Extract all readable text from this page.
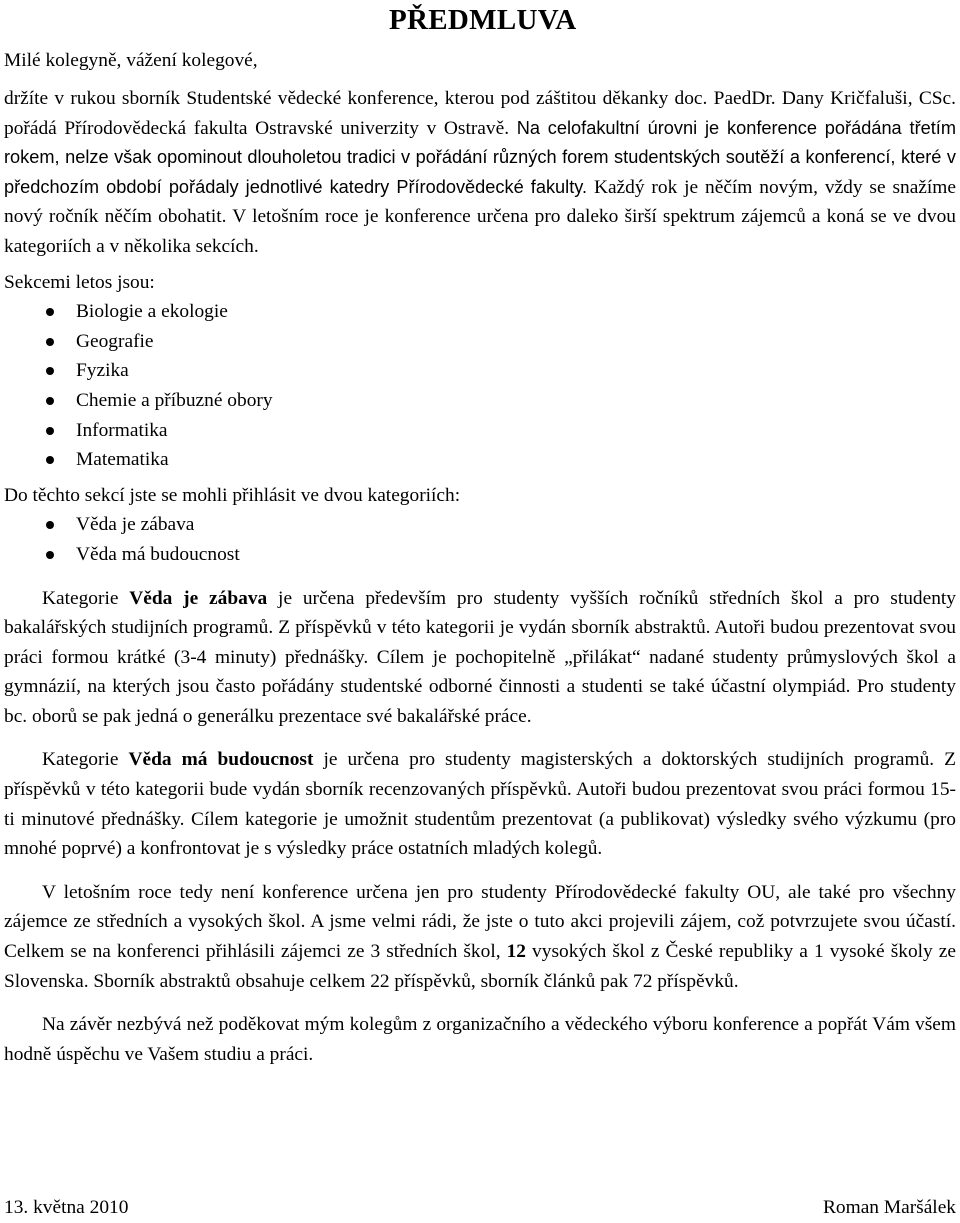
PŘEDMLUVA
Milé kolegyně, vážení kolegové,

držíte v rukou sborník Studentské vědecké konference, kterou pod záštitou děkanky doc. PaedDr. Dany Kričfaluši, CSc. pořádá Přírodovědecká fakulta Ostravské univerzity v Ostravě. Na celofakultní úrovni je konference pořádána třetím rokem, nelze však opominout dlouholetou tradici v pořádání různých forem studentských soutěží a konferencí, které v předchozím období pořádaly jednotlivé katedry Přírodovědecké fakulty. Každý rok je něčím novým, vždy se snažíme nový ročník něčím obohatit. V letošním roce je konference určena pro daleko širší spektrum zájemců a koná se ve dvou kategoriích a v několika sekcích.

Sekcemi letos jsou:
Biologie a ekologie
Geografie
Fyzika
Chemie a příbuzné obory
Informatika
Matematika
Do těchto sekcí jste se mohli přihlásit ve dvou kategoriích:
Věda je zábava
Věda má budoucnost

Kategorie Věda je zábava je určena především pro studenty vyšších ročníků středních škol a pro studenty bakalářských studijních programů. Z příspěvků v této kategorii je vydán sborník abstraktů. Autoři budou prezentovat svou práci formou krátké (3-4 minuty) přednášky. Cílem je pochopitelně „přilákat“ nadané studenty průmyslových škol a gymnázií, na kterých jsou často pořádány studentské odborné činnosti a studenti se také účastní olympiád. Pro studenty bc. oborů se pak jedná o generálku prezentace své bakalářské práce.

Kategorie Věda má budoucnost je určena pro studenty magisterských a doktorských studijních programů. Z příspěvků v této kategorii bude vydán sborník recenzovaných příspěvků. Autoři budou prezentovat svou práci formou 15- ti minutové přednášky. Cílem kategorie je umožnit studentům prezentovat (a publikovat) výsledky svého výzkumu (pro mnohé poprvé) a konfrontovat je s výsledky práce ostatních mladých kolegů.

V letošním roce tedy není konference určena jen pro studenty Přírodovědecké fakulty OU, ale také pro všechny zájemce ze středních a vysokých škol. A jsme velmi rádi, že jste o tuto akci projevili zájem, což potvrzujete svou účastí. Celkem se na konferenci přihlásili zájemci ze 3 středních škol, 12 vysokých škol z České republiky a 1 vysoké školy ze Slovenska. Sborník abstraktů obsahuje celkem 22 příspěvků, sborník článků pak 72 příspěvků.

Na závěr nezbývá než poděkovat mým kolegům z organizačního a vědeckého výboru konference a popřát Vám všem hodně úspěchu ve Vašem studiu a práci.

13. května 2010	Roman Maršálek
